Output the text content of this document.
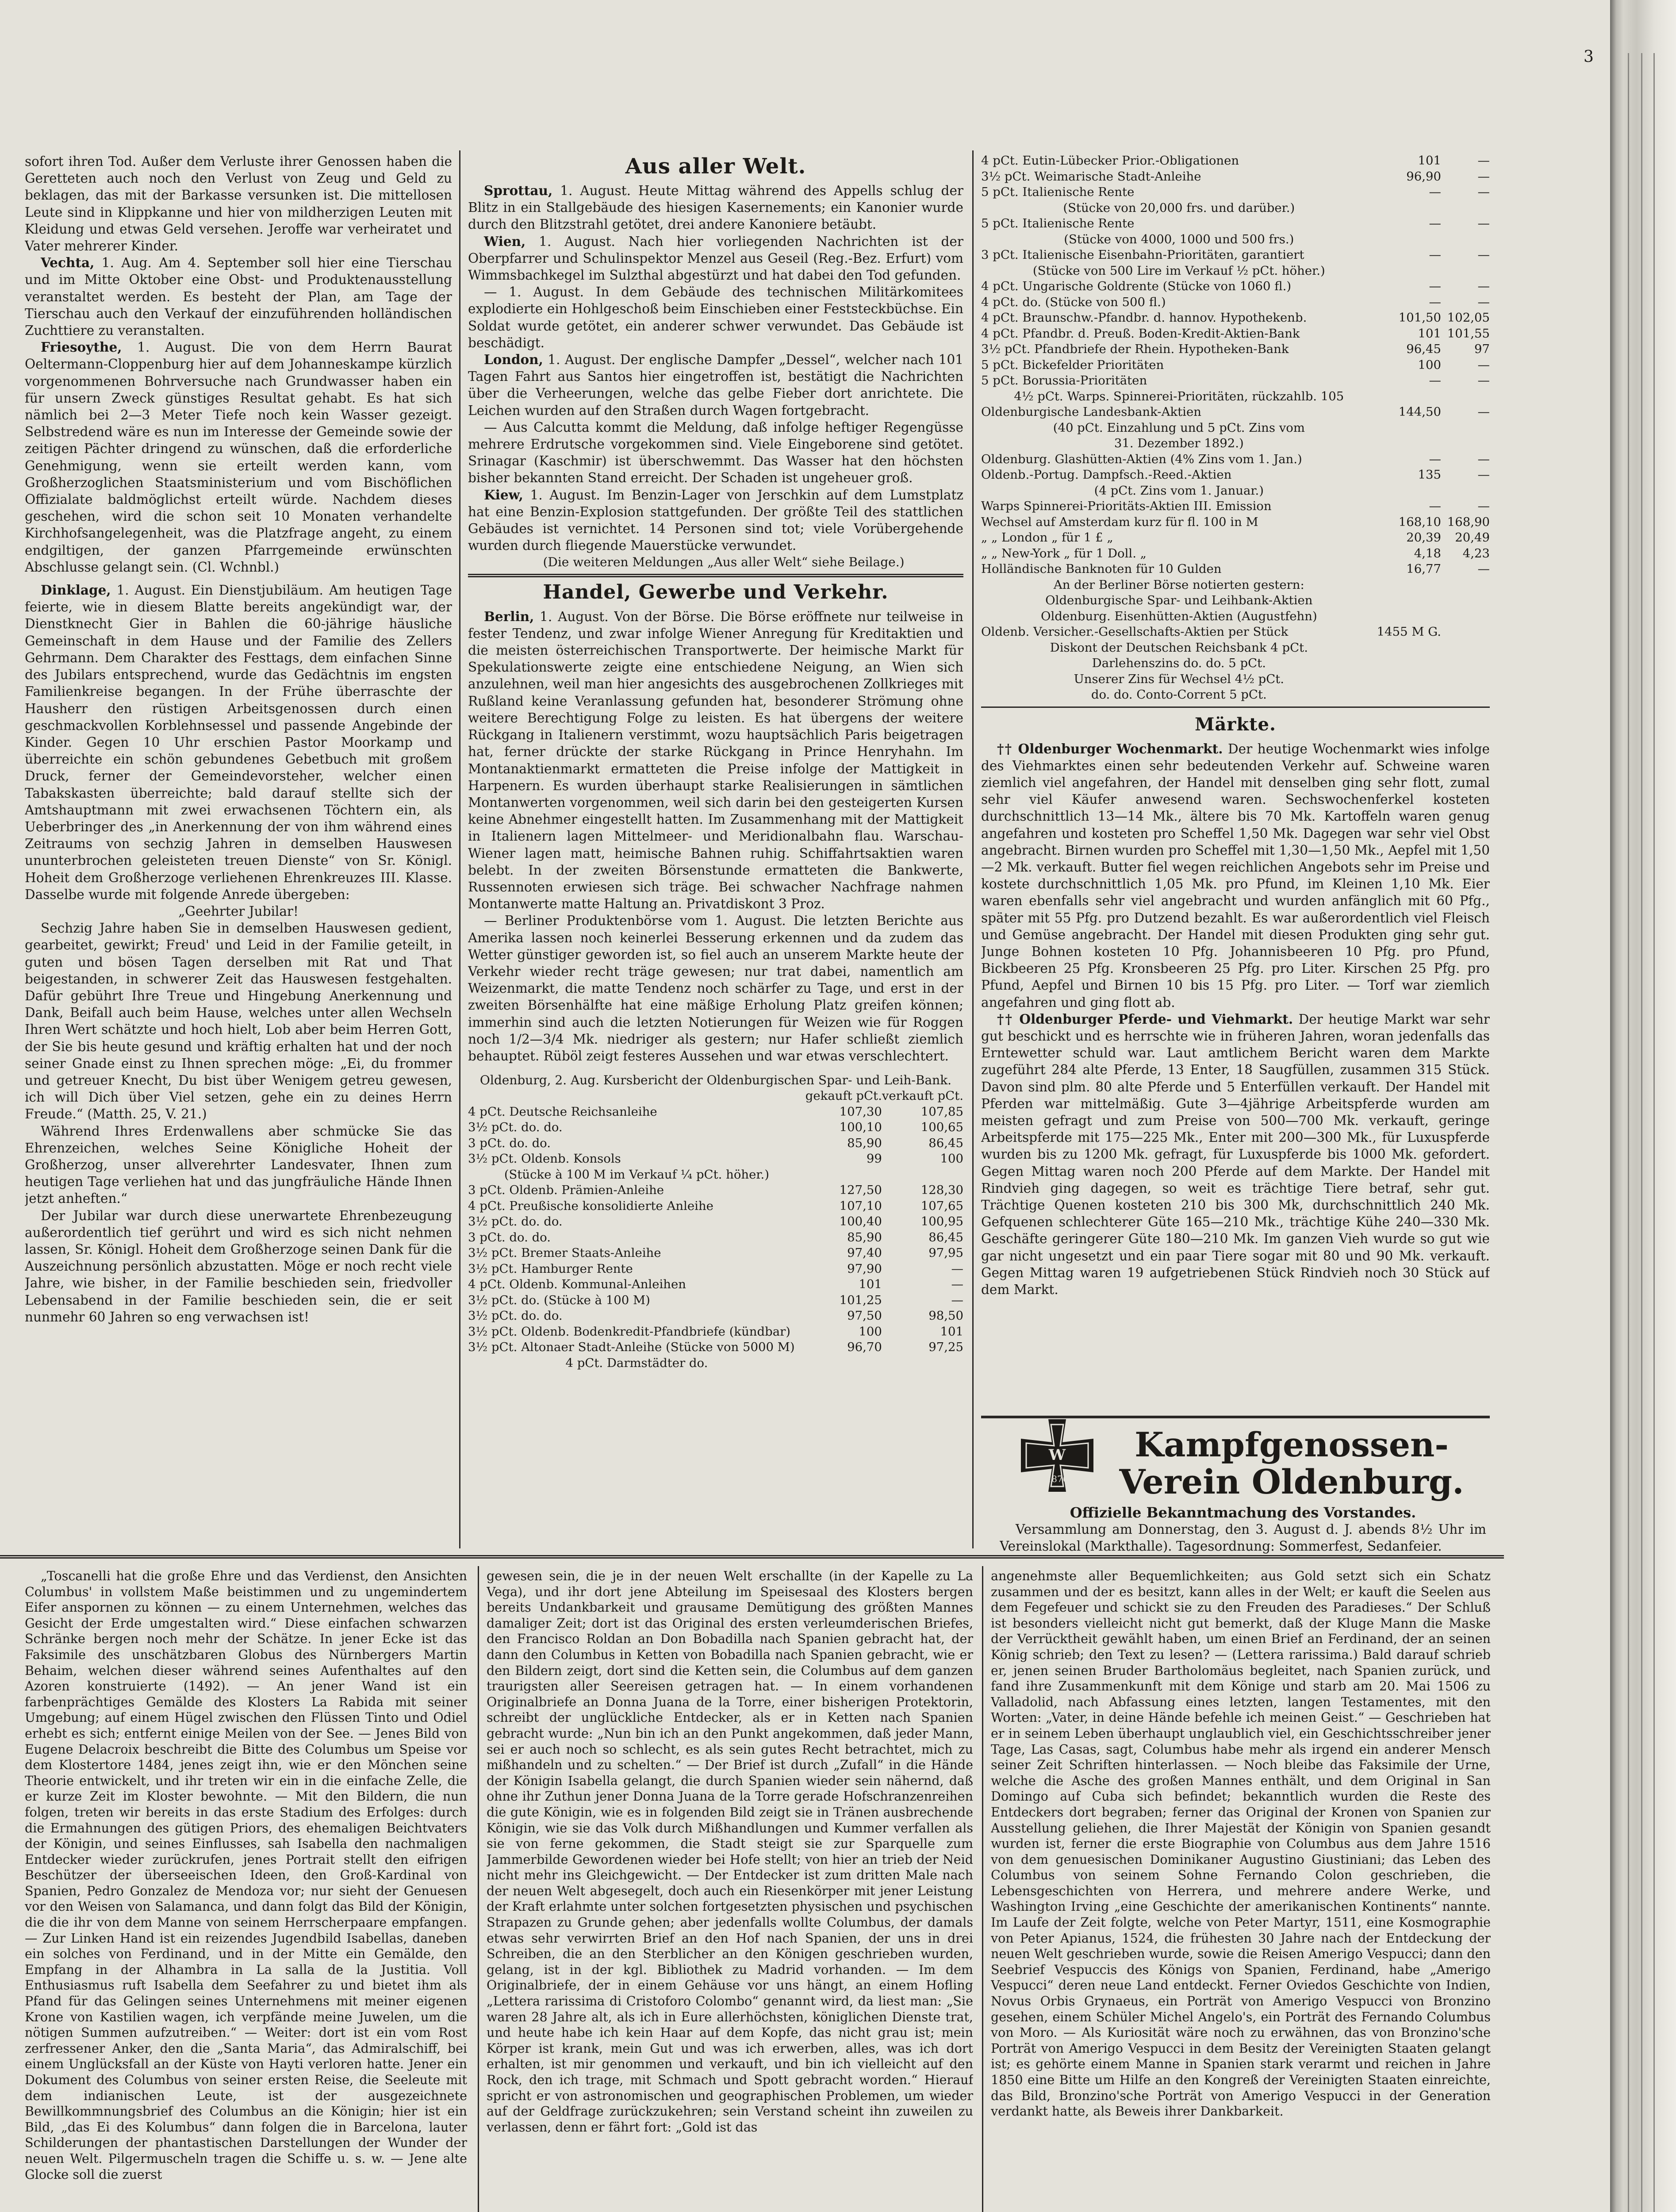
sofort ihren Tod. Außer dem Verluste ihrer Genossen haben die Geretteten auch noch den Verlust von Zeug und Geld zu beklagen, das mit der Barkasse versunken ist. Die mittellosen Leute sind in Klippkanne und hier von mildherzigen Leuten mit Kleidung und etwas Geld versehen. Jeroffe war verheiratet und Vater mehrerer Kinder.

Vechta, 1. Aug. Am 4. September soll hier eine Tierschau und im Mitte Oktober eine Obst- und Produktenausstellung veranstaltet werden. Es besteht der Plan, am Tage der Tierschau auch den Verkauf der einzuführenden holländischen Zuchttiere zu veranstalten.

Friesoythe, 1. August. Die von dem Herrn Baurat Oeltermann-Cloppenburg hier auf dem Johanneskampe kürzlich vorgenommenen Bohrversuche nach Grundwasser haben ein für unsern Zweck günstiges Resultat gehabt. Es hat sich nämlich bei 2—3 Meter Tiefe noch kein Wasser gezeigt. Selbstredend wäre es nun im Interesse der Gemeinde sowie der zeitigen Pächter dringend zu wünschen, daß die erforderliche Genehmigung, wenn sie erteilt werden kann, vom Großherzoglichen Staatsministerium und vom Bischöflichen Offizialate baldmöglichst erteilt würde. Nachdem dieses geschehen, wird die schon seit 10 Monaten verhandelte Kirchhofsangelegenheit, was die Platzfrage angeht, zu einem endgiltigen, der ganzen Pfarrgemeinde erwünschten Abschlusse gelangt sein. (Cl. Wchnbl.)

Dinklage, 1. August. Ein Dienstjubiläum. Am heutigen Tage feierte, wie in diesem Blatte bereits angekündigt war, der Dienstknecht Gier in Bahlen die 60-jährige häusliche Gemeinschaft in dem Hause und der Familie des Zellers Gehrmann. Dem Charakter des Festtags, dem einfachen Sinne des Jubilars entsprechend, wurde das Gedächtnis im engsten Familienkreise begangen. In der Frühe überraschte der Hausherr den rüstigen Arbeitsgenossen durch einen geschmackvollen Korblehnsessel und passende Angebinde der Kinder. Gegen 10 Uhr erschien Pastor Moorkamp und überreichte ein schön gebundenes Gebetbuch mit großem Druck, ferner der Gemeindevorsteher, welcher einen Tabakskasten überreichte; bald darauf stellte sich der Amtshauptmann mit zwei erwachsenen Töchtern ein, als Ueberbringer des „in Anerkennung der von ihm während eines Zeitraums von sechzig Jahren in demselben Hauswesen ununterbrochen geleisteten treuen Dienste“ von Sr. Königl. Hoheit dem Großherzoge verliehenen Ehrenkreuzes III. Klasse. Dasselbe wurde mit folgende Anrede übergeben:

„Geehrter Jubilar!

Sechzig Jahre haben Sie in demselben Hauswesen gedient, gearbeitet, gewirkt; Freud' und Leid in der Familie geteilt, in guten und bösen Tagen derselben mit Rat und That beigestanden, in schwerer Zeit das Hauswesen festgehalten. Dafür gebührt Ihre Treue und Hingebung Anerkennung und Dank, Beifall auch beim Hause, welches unter allen Wechseln Ihren Wert schätzte und hoch hielt, Lob aber beim Herren Gott, der Sie bis heute gesund und kräftig erhalten hat und der noch seiner Gnade einst zu Ihnen sprechen möge: „Ei, du frommer und getreuer Knecht, Du bist über Wenigem getreu gewesen, ich will Dich über Viel setzen, gehe ein zu deines Herrn Freude.“ (Matth. 25, V. 21.)

Während Ihres Erdenwallens aber schmücke Sie das Ehrenzeichen, welches Seine Königliche Hoheit der Großherzog, unser allverehrter Landesvater, Ihnen zum heutigen Tage verliehen hat und das jungfräuliche Hände Ihnen jetzt anheften.“

Der Jubilar war durch diese unerwartete Ehrenbezeugung außerordentlich tief gerührt und wird es sich nicht nehmen lassen, Sr. Königl. Hoheit dem Großherzoge seinen Dank für die Auszeichnung persönlich abzustatten. Möge er noch recht viele Jahre, wie bisher, in der Familie beschieden sein, friedvoller Lebensabend in der Familie beschieden sein, die er seit nunmehr 60 Jahren so eng verwachsen ist!

Aus aller Welt.

Sprottau, 1. August. Heute Mittag während des Appells schlug der Blitz in ein Stallgebäude des hiesigen Kasernements; ein Kanonier wurde durch den Blitzstrahl getötet, drei andere Kanoniere betäubt.

Wien, 1. August. Nach hier vorliegenden Nachrichten ist der Oberpfarrer und Schulinspektor Menzel aus Geseil (Reg.-Bez. Erfurt) vom Wimmsbachkegel im Sulzthal abgestürzt und hat dabei den Tod gefunden.

— 1. August. In dem Gebäude des technischen Militärkomitees explodierte ein Hohlgeschoß beim Einschieben einer Feststeckbüchse. Ein Soldat wurde getötet, ein anderer schwer verwundet. Das Gebäude ist beschädigt.

London, 1. August. Der englische Dampfer „Dessel“, welcher nach 101 Tagen Fahrt aus Santos hier eingetroffen ist, bestätigt die Nachrichten über die Verheerungen, welche das gelbe Fieber dort anrichtete. Die Leichen wurden auf den Straßen durch Wagen fortgebracht.

— Aus Calcutta kommt die Meldung, daß infolge heftiger Regengüsse mehrere Erdrutsche vorgekommen sind. Viele Eingeborene sind getötet. Srinagar (Kaschmir) ist überschwemmt. Das Wasser hat den höchsten bisher bekannten Stand erreicht. Der Schaden ist ungeheuer groß.

Kiew, 1. August. Im Benzin-Lager von Jerschkin auf dem Lumstplatz hat eine Benzin-Explosion stattgefunden. Der größte Teil des stattlichen Gebäudes ist vernichtet. 14 Personen sind tot; viele Vorübergehende wurden durch fliegende Mauerstücke verwundet.

(Die weiteren Meldungen „Aus aller Welt“ siehe Beilage.)

Handel, Gewerbe und Verkehr.

Berlin, 1. August. Von der Börse. Die Börse eröffnete nur teilweise in fester Tendenz, und zwar infolge Wiener Anregung für Kreditaktien und die meisten österreichischen Transportwerte. Der heimische Markt für Spekulationswerte zeigte eine entschiedene Neigung, an Wien sich anzulehnen, weil man hier angesichts des ausgebrochenen Zollkrieges mit Rußland keine Veranlassung gefunden hat, besonderer Strömung ohne weitere Berechtigung Folge zu leisten. Es hat übergens der weitere Rückgang in Italienern verstimmt, wozu hauptsächlich Paris beigetragen hat, ferner drückte der starke Rückgang in Prince Henryhahn. Im Montanaktienmarkt ermatteten die Preise infolge der Mattigkeit in Harpenern. Es wurden überhaupt starke Realisierungen in sämtlichen Montanwerten vorgenommen, weil sich darin bei den gesteigerten Kursen keine Abnehmer eingestellt hatten. Im Zusammenhang mit der Mattigkeit in Italienern lagen Mittelmeer- und Meridionalbahn flau. Warschau-Wiener lagen matt, heimische Bahnen ruhig. Schiffahrtsaktien waren belebt. In der zweiten Börsenstunde ermatteten die Bankwerte, Russennoten erwiesen sich träge. Bei schwacher Nachfrage nahmen Montanwerte matte Haltung an. Privatdiskont 3 Proz.

— Berliner Produktenbörse vom 1. August. Die letzten Berichte aus Amerika lassen noch keinerlei Besserung erkennen und da zudem das Wetter günstiger geworden ist, so fiel auch an unserem Markte heute der Verkehr wieder recht träge gewesen; nur trat dabei, namentlich am Weizenmarkt, die matte Tendenz noch schärfer zu Tage, und erst in der zweiten Börsenhälfte hat eine mäßige Erholung Platz greifen können; immerhin sind auch die letzten Notierungen für Weizen wie für Roggen noch 1/2—3/4 Mk. niedriger als gestern; nur Hafer schließt ziemlich behauptet. Rüböl zeigt festeres Aussehen und war etwas verschlechtert.

Oldenburg, 2. Aug. Kursbericht der Oldenburgischen Spar- und Leih-Bank.
	gekauft pCt.	verkauft pCt.
4 pCt. Deutsche Reichsanleihe	107,30	107,85
3½ pCt. do. do.	100,10	100,65
3 pCt. do. do.	85,90	86,45
3½ pCt. Oldenb. Konsols	99	100
(Stücke à 100 M im Verkauf ¼ pCt. höher.)		
3 pCt. Oldenb. Prämien-Anleihe	127,50	128,30
4 pCt. Preußische konsolidierte Anleihe	107,10	107,65
3½ pCt. do. do.	100,40	100,95
3 pCt. do. do.	85,90	86,45
3½ pCt. Bremer Staats-Anleihe	97,40	97,95
3½ pCt. Hamburger Rente	97,90	—
4 pCt. Oldenb. Kommunal-Anleihen	101	—
3½ pCt. do. (Stücke à 100 M)	101,25	—
3½ pCt. do. do.	97,50	98,50
3½ pCt. Oldenb. Bodenkredit-Pfandbriefe (kündbar)	100	101
3½ pCt. Altonaer Stadt-Anleihe (Stücke von 5000 M)	96,70	97,25
4 pCt. Darmstädter do.		
4 pCt. Eutin-Lübecker Prior.-Obligationen	101	—
3½ pCt. Weimarische Stadt-Anleihe	96,90	—
5 pCt. Italienische Rente	—	—
(Stücke von 20,000 frs. und darüber.)		
5 pCt. Italienische Rente	—	—
(Stücke von 4000, 1000 und 500 frs.)		
3 pCt. Italienische Eisenbahn-Prioritäten, garantiert	—	—
(Stücke von 500 Lire im Verkauf ½ pCt. höher.)		
4 pCt. Ungarische Goldrente (Stücke von 1060 fl.)	—	—
4 pCt. do. (Stücke von 500 fl.)	—	—
4 pCt. Braunschw.-Pfandbr. d. hannov. Hypothekenb.	101,50	102,05
4 pCt. Pfandbr. d. Preuß. Boden-Kredit-Aktien-Bank	101	101,55
3½ pCt. Pfandbriefe der Rhein. Hypotheken-Bank	96,45	97
5 pCt. Bickefelder Prioritäten	100	—
5 pCt. Borussia-Prioritäten	—	—
4½ pCt. Warps. Spinnerei-Prioritäten, rückzahlb. 105		
Oldenburgische Landesbank-Aktien	144,50	—
(40 pCt. Einzahlung und 5 pCt. Zins vom		
31. Dezember 1892.)		
Oldenburg. Glashütten-Aktien (4% Zins vom 1. Jan.)	—	—
Oldenb.-Portug. Dampfsch.-Reed.-Aktien	135	—
(4 pCt. Zins vom 1. Januar.)		
Warps Spinnerei-Prioritäts-Aktien III. Emission	—	—
Wechsel auf Amsterdam kurz für fl. 100 in M	168,10	168,90
„ „ London „ für 1 £ „	20,39	20,49
„ „ New-York „ für 1 Doll. „	4,18	4,23
Holländische Banknoten für 10 Gulden	16,77	—
An der Berliner Börse notierten gestern:		
Oldenburgische Spar- und Leihbank-Aktien		
Oldenburg. Eisenhütten-Aktien (Augustfehn)		
Oldenb. Versicher.-Gesellschafts-Aktien per Stück	1455 M G.	
Diskont der Deutschen Reichsbank 4 pCt.		
Darlehenszins do. do. 5 pCt.		
Unserer Zins für Wechsel 4½ pCt.		
do. do. Conto-Corrent 5 pCt.		
Märkte.

†† Oldenburger Wochenmarkt. Der heutige Wochenmarkt wies infolge des Viehmarktes einen sehr bedeutenden Verkehr auf. Schweine waren ziemlich viel angefahren, der Handel mit denselben ging sehr flott, zumal sehr viel Käufer anwesend waren. Sechswochenferkel kosteten durchschnittlich 13—14 Mk., ältere bis 70 Mk. Kartoffeln waren genug angefahren und kosteten pro Scheffel 1,50 Mk. Dagegen war sehr viel Obst angebracht. Birnen wurden pro Scheffel mit 1,30—1,50 Mk., Aepfel mit 1,50—2 Mk. verkauft. Butter fiel wegen reichlichen Angebots sehr im Preise und kostete durchschnittlich 1,05 Mk. pro Pfund, im Kleinen 1,10 Mk. Eier waren ebenfalls sehr viel angebracht und wurden anfänglich mit 60 Pfg., später mit 55 Pfg. pro Dutzend bezahlt. Es war außerordentlich viel Fleisch und Gemüse angebracht. Der Handel mit diesen Produkten ging sehr gut. Junge Bohnen kosteten 10 Pfg. Johannisbeeren 10 Pfg. pro Pfund, Bickbeeren 25 Pfg. Kronsbeeren 25 Pfg. pro Liter. Kirschen 25 Pfg. pro Pfund, Aepfel und Birnen 10 bis 15 Pfg. pro Liter. — Torf war ziemlich angefahren und ging flott ab.

†† Oldenburger Pferde- und Viehmarkt. Der heutige Markt war sehr gut beschickt und es herrschte wie in früheren Jahren, woran jedenfalls das Erntewetter schuld war. Laut amtlichem Bericht waren dem Markte zugeführt 284 alte Pferde, 13 Enter, 18 Saugfüllen, zusammen 315 Stück. Davon sind plm. 80 alte Pferde und 5 Enterfüllen verkauft. Der Handel mit Pferden war mittelmäßig. Gute 3—4jährige Arbeitspferde wurden am meisten gefragt und zum Preise von 500—700 Mk. verkauft, geringe Arbeitspferde mit 175—225 Mk., Enter mit 200—300 Mk., für Luxuspferde wurden bis zu 1200 Mk. gefragt, für Luxuspferde bis 1000 Mk. gefordert. Gegen Mittag waren noch 200 Pferde auf dem Markte. Der Handel mit Rindvieh ging dagegen, so weit es trächtige Tiere betraf, sehr gut. Trächtige Quenen kosteten 210 bis 300 Mk, durchschnittlich 240 Mk. Gefquenen schlechterer Güte 165—210 Mk., trächtige Kühe 240—330 Mk. Geschäfte geringerer Güte 180—210 Mk. Im ganzen Vieh wurde so gut wie gar nicht ungesetzt und ein paar Tiere sogar mit 80 und 90 Mk. verkauft. Gegen Mittag waren 19 aufgetriebenen Stück Rindvieh noch 30 Stück auf dem Markt.

W
1870
Kampfgenossen-Verein Oldenburg.

Offizielle Bekanntmachung des Vorstandes.

Versammlung am Donnerstag, den 3. August d. J. abends 8½ Uhr im Vereinslokal (Markthalle). Tagesordnung: Sommerfest, Sedanfeier.

„Toscanelli hat die große Ehre und das Verdienst, den Ansichten Columbus' in vollstem Maße beistimmen und zu ungemindertem Eifer anspornen zu können — zu einem Unternehmen, welches das Gesicht der Erde umgestalten wird.“ Diese einfachen schwarzen Schränke bergen noch mehr der Schätze. In jener Ecke ist das Faksimile des unschätzbaren Globus des Nürnbergers Martin Behaim, welchen dieser während seines Aufenthaltes auf den Azoren konstruierte (1492). — An jener Wand ist ein farbenprächtiges Gemälde des Klosters La Rabida mit seiner Umgebung; auf einem Hügel zwischen den Flüssen Tinto und Odiel erhebt es sich; entfernt einige Meilen von der See. — Jenes Bild von Eugene Delacroix beschreibt die Bitte des Columbus um Speise vor dem Klostertore 1484, jenes zeigt ihn, wie er den Mönchen seine Theorie entwickelt, und ihr treten wir ein in die einfache Zelle, die er kurze Zeit im Kloster bewohnte. — Mit den Bildern, die nun folgen, treten wir bereits in das erste Stadium des Erfolges: durch die Ermahnungen des gütigen Priors, des ehemaligen Beichtvaters der Königin, und seines Einflusses, sah Isabella den nachmaligen Entdecker wieder zurückrufen, jenes Portrait stellt den eifrigen Beschützer der überseeischen Ideen, den Groß-Kardinal von Spanien, Pedro Gonzalez de Mendoza vor; nur sieht der Genuesen vor den Weisen von Salamanca, und dann folgt das Bild der Königin, die die ihr von dem Manne von seinem Herrscherpaare empfangen. — Zur Linken Hand ist ein reizendes Jugendbild Isabellas, daneben ein solches von Ferdinand, und in der Mitte ein Gemälde, den Empfang in der Alhambra in La salla de la Justitia. Voll Enthusiasmus ruft Isabella dem Seefahrer zu und bietet ihm als Pfand für das Gelingen seines Unternehmens mit meiner eigenen Krone von Kastilien wagen, ich verpfände meine Juwelen, um die nötigen Summen aufzutreiben.“ — Weiter: dort ist ein vom Rost zerfressener Anker, den die „Santa Maria“, das Admiralschiff, bei einem Unglücksfall an der Küste von Hayti verloren hatte. Jener ein Dokument des Columbus von seiner ersten Reise, die Seeleute mit dem indianischen Leute, ist der ausgezeichnete Bewillkommnungsbrief des Columbus an die Königin; hier ist ein Bild, „das Ei des Kolumbus“ dann folgen die in Barcelona, lauter Schilderungen der phantastischen Darstellungen der Wunder der neuen Welt. Pilgermuscheln tragen die Schiffe u. s. w. — Jene alte Glocke soll die zuerst

gewesen sein, die je in der neuen Welt erschallte (in der Kapelle zu La Vega), und ihr dort jene Abteilung im Speisesaal des Klosters bergen bereits Undankbarkeit und grausame Demütigung des größten Mannes damaliger Zeit; dort ist das Original des ersten verleumderischen Briefes, den Francisco Roldan an Don Bobadilla nach Spanien gebracht hat, der dann den Columbus in Ketten von Bobadilla nach Spanien gebracht, wie er den Bildern zeigt, dort sind die Ketten sein, die Columbus auf dem ganzen traurigsten aller Seereisen getragen hat. — In einem vorhandenen Originalbriefe an Donna Juana de la Torre, einer bisherigen Protektorin, schreibt der unglückliche Entdecker, als er in Ketten nach Spanien gebracht wurde: „Nun bin ich an den Punkt angekommen, daß jeder Mann, sei er auch noch so schlecht, es als sein gutes Recht betrachtet, mich zu mißhandeln und zu schelten.“ — Der Brief ist durch „Zufall“ in die Hände der Königin Isabella gelangt, die durch Spanien wieder sein nähernd, daß ohne ihr Zuthun jener Donna Juana de la Torre gerade Hofschranzenreihen die gute Königin, wie es in folgenden Bild zeigt sie in Tränen ausbrechende Königin, wie sie das Volk durch Mißhandlungen und Kummer verfallen als sie von ferne gekommen, die Stadt steigt sie zur Sparquelle zum Jammerbilde Gewordenen wieder bei Hofe stellt; von hier an trieb der Neid nicht mehr ins Gleichgewicht. — Der Entdecker ist zum dritten Male nach der neuen Welt abgesegelt, doch auch ein Riesenkörper mit jener Leistung der Kraft erlahmte unter solchen fortgesetzten physischen und psychischen Strapazen zu Grunde gehen; aber jedenfalls wollte Columbus, der damals etwas sehr verwirrten Brief an den Hof nach Spanien, der uns in drei Schreiben, die an den Sterblicher an den Königen geschrieben wurden, gelang, ist in der kgl. Bibliothek zu Madrid vorhanden. — Im dem Originalbriefe, der in einem Gehäuse vor uns hängt, an einem Hofling „Lettera rarissima di Cristoforo Colombo“ genannt wird, da liest man: „Sie waren 28 Jahre alt, als ich in Eure allerhöchsten, königlichen Dienste trat, und heute habe ich kein Haar auf dem Kopfe, das nicht grau ist; mein Körper ist krank, mein Gut und was ich erwerben, alles, was ich dort erhalten, ist mir genommen und verkauft, und bin ich vielleicht auf den Rock, den ich trage, mit Schmach und Spott gebracht worden.“ Hierauf spricht er von astronomischen und geographischen Problemen, um wieder auf der Geldfrage zurückzukehren; sein Verstand scheint ihn zuweilen zu verlassen, denn er fährt fort: „Gold ist das

angenehmste aller Bequemlichkeiten; aus Gold setzt sich ein Schatz zusammen und der es besitzt, kann alles in der Welt; er kauft die Seelen aus dem Fegefeuer und schickt sie zu den Freuden des Paradieses.“ Der Schluß ist besonders vielleicht nicht gut bemerkt, daß der Kluge Mann die Maske der Verrücktheit gewählt haben, um einen Brief an Ferdinand, der an seinen König schrieb; den Text zu lesen? — (Lettera rarissima.) Bald darauf schrieb er, jenen seinen Bruder Bartholomäus begleitet, nach Spanien zurück, und fand ihre Zusammenkunft mit dem Könige und starb am 20. Mai 1506 zu Valladolid, nach Abfassung eines letzten, langen Testamentes, mit den Worten: „Vater, in deine Hände befehle ich meinen Geist.“ — Geschrieben hat er in seinem Leben überhaupt unglaublich viel, ein Geschichtsschreiber jener Tage, Las Casas, sagt, Columbus habe mehr als irgend ein anderer Mensch seiner Zeit Schriften hinterlassen. — Noch bleibe das Faksimile der Urne, welche die Asche des großen Mannes enthält, und dem Original in San Domingo auf Cuba sich befindet; bekanntlich wurden die Reste des Entdeckers dort begraben; ferner das Original der Kronen von Spanien zur Ausstellung geliehen, die Ihrer Majestät der Königin von Spanien gesandt wurden ist, ferner die erste Biographie von Columbus aus dem Jahre 1516 von dem genuesischen Dominikaner Augustino Giustiniani; das Leben des Columbus von seinem Sohne Fernando Colon geschrieben, die Lebensgeschichten von Herrera, und mehrere andere Werke, und Washington Irving „eine Geschichte der amerikanischen Kontinents“ nannte. Im Laufe der Zeit folgte, welche von Peter Martyr, 1511, eine Kosmographie von Peter Apianus, 1524, die frühesten 30 Jahre nach der Entdeckung der neuen Welt geschrieben wurde, sowie die Reisen Amerigo Vespucci; dann den Seebrief Vespuccis des Königs von Spanien, Ferdinand, habe „Amerigo Vespucci“ deren neue Land entdeckt. Ferner Oviedos Geschichte von Indien, Novus Orbis Grynaeus, ein Porträt von Amerigo Vespucci von Bronzino gesehen, einem Schüler Michel Angelo's, ein Porträt des Fernando Columbus von Moro. — Als Kuriosität wäre noch zu erwähnen, das von Bronzino'sche Porträt von Amerigo Vespucci in dem Besitz der Vereinigten Staaten gelangt ist; es gehörte einem Manne in Spanien stark verarmt und reichen in Jahre 1850 eine Bitte um Hilfe an den Kongreß der Vereinigten Staaten einreichte, das Bild, Bronzino'sche Porträt von Amerigo Vespucci in der Generation verdankt hatte, als Beweis ihrer Dankbarkeit.

3
